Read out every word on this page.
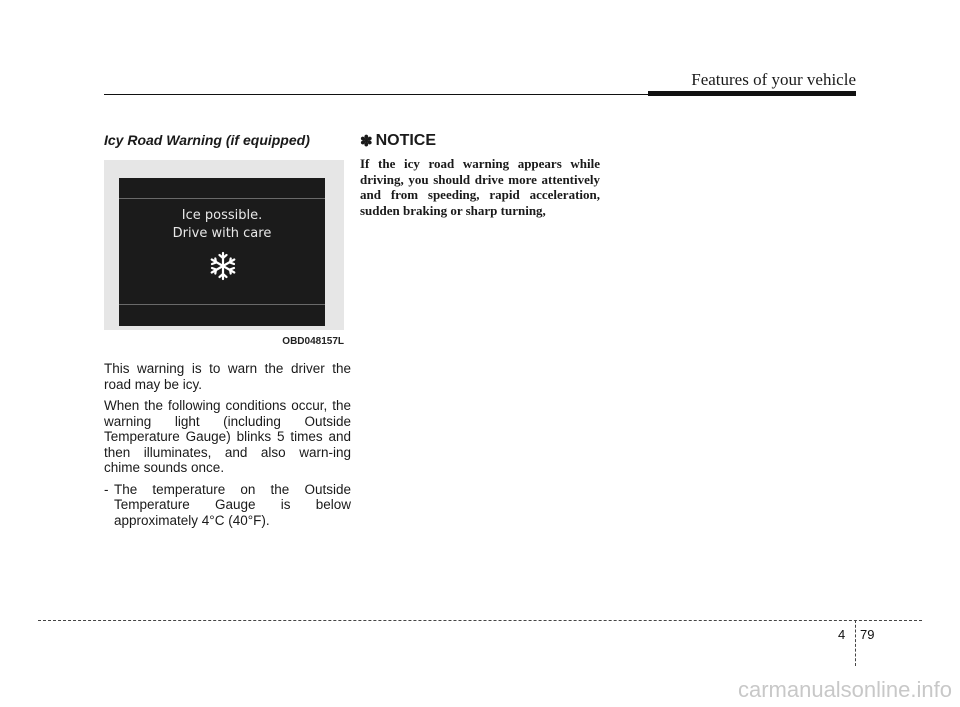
Features of your vehicle

Icy Road Warning (if equipped)

Ice possible.
Drive with care
OBD048157L

This warning is to warn the driver the road may be icy.

When the following conditions occur, the warning light (including Outside Temperature Gauge) blinks 5 times and then illuminates, and also warn-ing chime sounds once.

- The temperature on the Outside Temperature Gauge is below approximately 4°C (40°F).
✽ NOTICE

If the icy road warning appears while driving, you should drive more attentively and from speeding, rapid acceleration, sudden braking or sharp turning,

4 79
carmanualsonline.info
